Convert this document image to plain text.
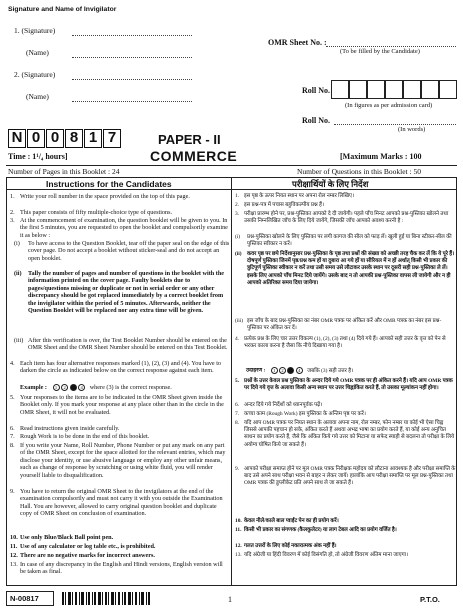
Signature and Name of Invigilator
1. (Signature)
(Name)
2. (Signature)
(Name)
OMR Sheet No. :
(To be filled by the Candidate)
Roll No.
(In figures as per admission card)
Roll No.
(In words)
N 0 0 8 1 7	PAPER - II
COMMERCE
Time : 1¹/₄ hours]	[Maximum Marks : 100
Number of Pages in this Booklet : 24	Number of Questions in this Booklet : 50
Instructions for the Candidates	परीक्षार्थियों के लिए निर्देश
1. Write your roll number in the space provided on the top of this page.
2. This paper consists of fifty multiple-choice type of questions.
3. At the commencement of examination, the question booklet will be given to you. In the first 5 minutes, you are requested to open the booklet and compulsorily examine it as below :
(i) To have access to the Question Booklet, tear off the paper seal on the edge of this cover page. Do not accept a booklet without sticker-seal and do not accept an open booklet.
(ii) Tally the number of pages and number of questions in the booklet with the information printed on the cover page. Faulty booklets due to pages/questions missing or duplicate or not in serial order or any other discrepancy should be got replaced immediately by a correct booklet from the invigilator within the period of 5 minutes. Afterwards, neither the Question Booklet will be replaced nor any extra time will be given.
(iii) After this verification is over, the Test Booklet Number should be entered on the OMR Sheet and the OMR Sheet Number should be entered on this Test Booklet.
4. Each item has four alternative responses marked (1), (2), (3) and (4). You have to darken the circle as indicated below on the correct response against each item.
Example : 1 2	4 where (3) is the correct response.
5. Your responses to the items are to be indicated in the OMR Sheet given inside the Booklet only. If you mark your response at any place other than in the circle in the OMR Sheet, it will not be evaluated.
6. Read instructions given inside carefully.
7. Rough Work is to be done in the end of this booklet.
8. If you write your Name, Roll Number, Phone Number or put any mark on any part of the OMR Sheet, except for the space allotted for the relevant entries, which may disclose your identity, or use abusive language or employ any other unfair means, such as change of response by scratching or using white fluid, you will render yourself liable to disqualification.
9. You have to return the original OMR Sheet to the invigilators at the end of the examination compulsorily and must not carry it with you outside the Examination Hall. You are however, allowed to carry original question booklet and duplicate copy of OMR Sheet on conclusion of examination.
10. Use only Blue/Black Ball point pen.
11. Use of any calculator or log table etc., is prohibited.
12. There are no negative marks for incorrect answers.
13. In case of any discrepancy in the English and Hindi versions, English version will be taken as final.
1. इस पृष्ठ के ऊपर नियत स्थान पर अपना रोल नम्बर लिखिए।
2. इस प्रश्न-पत्र में पचास बहुविकल्पीय प्रश्न हैं।
3. परीक्षा प्रारम्भ होने पर, प्रश्न-पुस्तिका आपको दे दी जायेगी। पहले पाँच मिनट आपको प्रश्न-पुस्तिका खोलने तथा उसकी निम्नलिखित जाँच के लिए दिये जायेंगे, जिसकी जाँच आपको अवश्य करनी है :
(i) प्रश्न-पुस्तिका खोलने के लिए पुस्तिका पर लगी कागज की सील को फाड़ लें। खुली हुई या बिना स्टीकर-सील की पुस्तिका स्वीकार न करें।
(ii) कवर पृष्ठ पर छपे निर्देशानुसार प्रश्न-पुस्तिका के पृष्ठ तथा प्रश्नों की संख्या को अच्छी तरह चैक कर लें कि ये पूरे हैं। दोषपूर्ण पुस्तिका जिनमें पृष्ठ/प्रश्न कम हों या दुबारा आ गये हों या सीरियल में न हों अर्थात् किसी भी प्रकार की त्रुटिपूर्ण पुस्तिका स्वीकार न करें तथा उसी समय उसे लौटाकर उसके स्थान पर दूसरी सही प्रश्न-पुस्तिका ले लें। इसके लिए आपको पाँच मिनट दिये जायेंगे। उसके बाद न तो आपकी प्रश्न-पुस्तिका वापस ली जायेगी और न ही आपको अतिरिक्त समय दिया जायेगा।
(iii) इस जाँच के बाद प्रश्न-पुस्तिका का नंबर OMR पत्रक पर अंकित करें और OMR पत्रक का नंबर इस प्रश्न-पुस्तिका पर अंकित कर दें।
4. प्रत्येक प्रश्न के लिए चार उत्तर विकल्प (1), (2), (3) तथा (4) दिये गये हैं। आपको सही उत्तर के वृत्त को पेन से भरकर काला करना है जैसा कि नीचे दिखाया गया है।
उदाहरण : 1 2	4 जबकि (3) सही उत्तर है।
5. प्रश्नों के उत्तर केवल प्रश्न पुस्तिका के अन्दर दिये गये OMR पत्रक पर ही अंकित करने हैं। यदि आप OMR पत्रक पर दिये गये वृत्त के अलावा किसी अन्य स्थान पर उत्तर चिह्नांकित करते हैं, तो उसका मूल्यांकन नहीं होगा।
6. अन्दर दिये गये निर्देशों को ध्यानपूर्वक पढ़ें।
7. कच्चा काम (Rough Work) इस पुस्तिका के अन्तिम पृष्ठ पर करें।
8. यदि आप OMR पत्रक पर नियत स्थान के अलावा अपना नाम, रोल नम्बर, फोन नम्बर या कोई भी ऐसा चिह्न जिससे आपकी पहचान हो सके, अंकित करते हैं अथवा अभद्र भाषा का प्रयोग करते हैं, या कोई अन्य अनुचित साधन का प्रयोग करते हैं, जैसे कि अंकित किये गये उत्तर को मिटाना या सफेद स्याही से बदलना तो परीक्षा के लिये अयोग्य घोषित किये जा सकते हैं।
9. आपको परीक्षा समाप्त होने पर मूल OMR पत्रक निरीक्षक महोदय को लौटाना आवश्यक है और परीक्षा समाप्ति के बाद उसे अपने साथ परीक्षा भवन से बाहर न लेकर जायें। हालांकि आप परीक्षा समाप्ति पर मूल प्रश्न-पुस्तिका तथा OMR पत्रक की डुप्लीकेट प्रति अपने साथ ले जा सकते हैं।
10. केवल नीले/काले बाल प्वाईंट पेन का ही प्रयोग करें।
11. किसी भी प्रकार का संगणक (कैलकुलेटर) या लाग टेबल आदि का प्रयोग वर्जित है।
12. गलत उत्तरों के लिए कोई नकारात्मक अंक नहीं हैं।
13. यदि अंग्रेजी या हिंदी विवरण में कोई विसंगति हो, तो अंग्रेजी विवरण अंतिम माना जाएगा।
N-00817	1	P.T.O.
